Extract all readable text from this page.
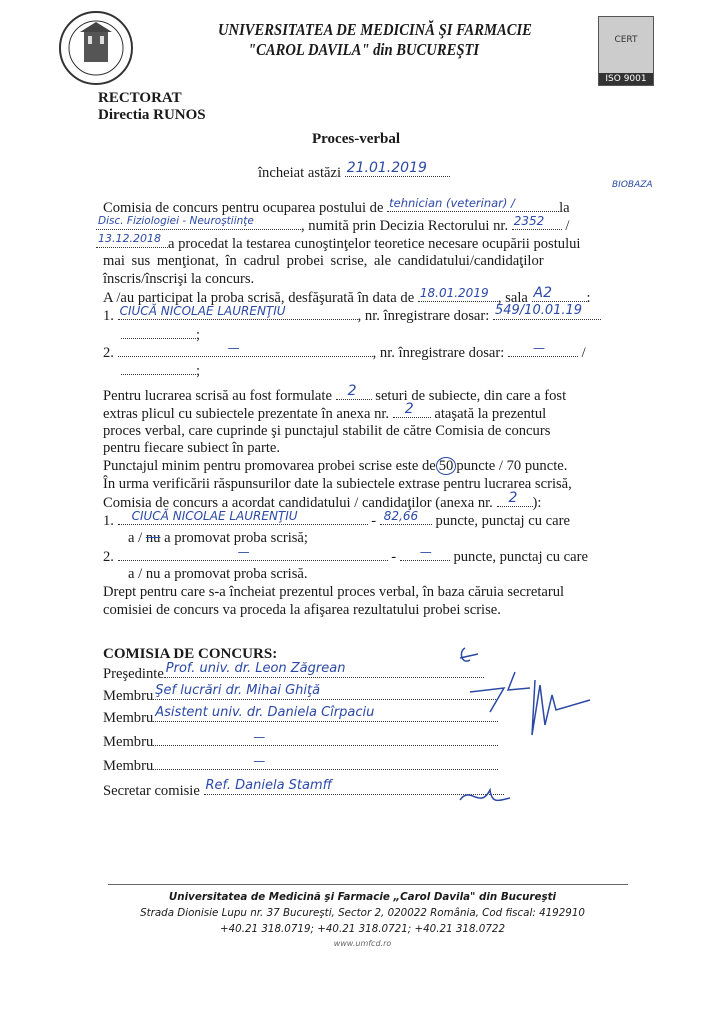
UNIVERSITATEA DE MEDICINĂ ŞI FARMACIE
"CAROL DAVILA" din BUCUREŞTI	CERT
ISO 9001
RECTORAT
Directia RUNOS
Proces-verbal
încheiat astăzi 21.01.2019
BIOBAZA
Comisia de concurs pentru ocuparea postului de tehnician (veterinar) /	la
Disc. Fiziologiei - Neuroştiinţe	, numită prin Decizia Rectorului nr. 2352 /
13.12.2018 a procedat la testarea cunoştinţelor teoretice necesare ocupării postului
mai sus menţionat, în cadrul probei scrise, ale candidatului/candidaţilor
înscris/înscrişi la concurs.
A /au participat la proba scrisă, desfăşurată în data de 18.01.2019 , sala A2 :
1. CIUCĂ NICOLAE LAURENŢIU	, nr. înregistrare dosar: 549/10.01.19
;
2.	—	, nr. înregistrare dosar: — /
;
Pentru lucrarea scrisă au fost formulate 2 seturi de subiecte, din care a fost
extras plicul cu subiectele prezentate în anexa nr. 2 ataşată la prezentul
proces verbal, care cuprinde şi punctajul stabilit de către Comisia de concurs
pentru fiecare subiect în parte.
Punctajul minim pentru promovarea probei scrise este de 50 puncte / 70 puncte.
În urma verificării răspunsurilor date la subiectele extrase pentru lucrarea scrisă,
Comisia de concurs a acordat candidatului / candidaţilor (anexa nr. 2 ):
1. CIUCĂ NICOLAE LAURENŢIU	- 82,66 puncte, punctaj cu care
a / nu a promovat proba scrisă;
2.	—	- — puncte, punctaj cu care
a / nu a promovat proba scrisă.
Drept pentru care s-a încheiat prezentul proces verbal, în baza căruia secretarul
comisiei de concurs va proceda la afişarea rezultatului probei scrise.
COMISIA DE CONCURS:
Preşedinte Prof. univ. dr. Leon Zăgrean
Membru Şef lucrări dr. Mihai Ghiţă
Membru Asistent univ. dr. Daniela Cîrpaciu
Membru	—
Membru	—
Secretar comisie Ref. Daniela Stamff
Universitatea de Medicină şi Farmacie „Carol Davila" din Bucureşti
Strada Dionisie Lupu nr. 37 Bucureşti, Sector 2, 020022 România, Cod fiscal: 4192910
+40.21 318.0719; +40.21 318.0721; +40.21 318.0722
www.umfcd.ro
